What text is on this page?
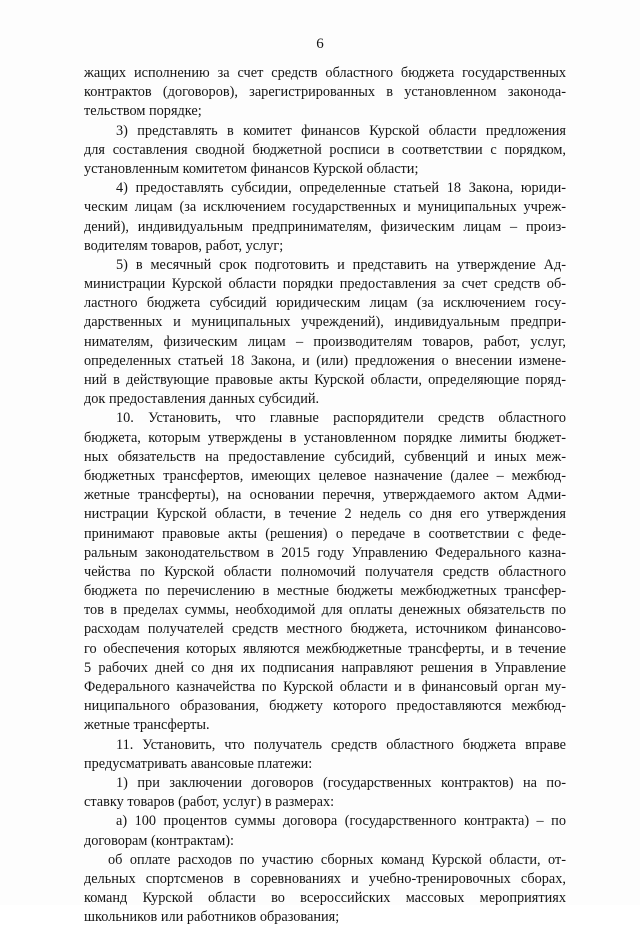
6
жащих исполнению за счет средств областного бюджета государственных
контрактов (договоров), зарегистрированных в установленном законода-
тельством порядке;
3) представлять в комитет финансов Курской области предложения
для составления сводной бюджетной росписи в соответствии с порядком,
установленным комитетом финансов Курской области;
4) предоставлять субсидии, определенные статьей 18 Закона, юриди-
ческим лицам (за исключением государственных и муниципальных учреж-
дений), индивидуальным предпринимателям, физическим лицам – произ-
водителям товаров, работ, услуг;
5) в месячный срок подготовить и представить на утверждение Ад-
министрации Курской области порядки предоставления за счет средств об-
ластного бюджета субсидий юридическим лицам (за исключением госу-
дарственных и муниципальных учреждений), индивидуальным предпри-
нимателям, физическим лицам – производителям товаров, работ, услуг,
определенных статьей 18 Закона, и (или) предложения о внесении измене-
ний в действующие правовые акты Курской области, определяющие поряд-
док предоставления данных субсидий.
10. Установить, что главные распорядители средств областного
бюджета, которым утверждены в установленном порядке лимиты бюджет-
ных обязательств на предоставление субсидий, субвенций и иных меж-
бюджетных трансфертов, имеющих целевое назначение (далее – межбюд-
жетные трансферты), на основании перечня, утверждаемого актом Адми-
нистрации Курской области, в течение 2 недель со дня его утверждения
принимают правовые акты (решения) о передаче в соответствии с феде-
ральным законодательством в 2015 году Управлению Федерального казна-
чейства по Курской области полномочий получателя средств областного
бюджета по перечислению в местные бюджеты межбюджетных трансфер-
тов в пределах суммы, необходимой для оплаты денежных обязательств по
расходам получателей средств местного бюджета, источником финансово-
го обеспечения которых являются межбюджетные трансферты, и в течение
5 рабочих дней со дня их подписания направляют решения в Управление
Федерального казначейства по Курской области и в финансовый орган му-
ниципального образования, бюджету которого предоставляются межбюд-
жетные трансферты.
11. Установить, что получатель средств областного бюджета вправе
предусматривать авансовые платежи:
1) при заключении договоров (государственных контрактов) на по-
ставку товаров (работ, услуг) в размерах:
а) 100 процентов суммы договора (государственного контракта) – по
договорам (контрактам):
об оплате расходов по участию сборных команд Курской области, от-
дельных спортсменов в соревнованиях и учебно-тренировочных сборах,
команд Курской области во всероссийских массовых мероприятиях
школьников или работников образования;
